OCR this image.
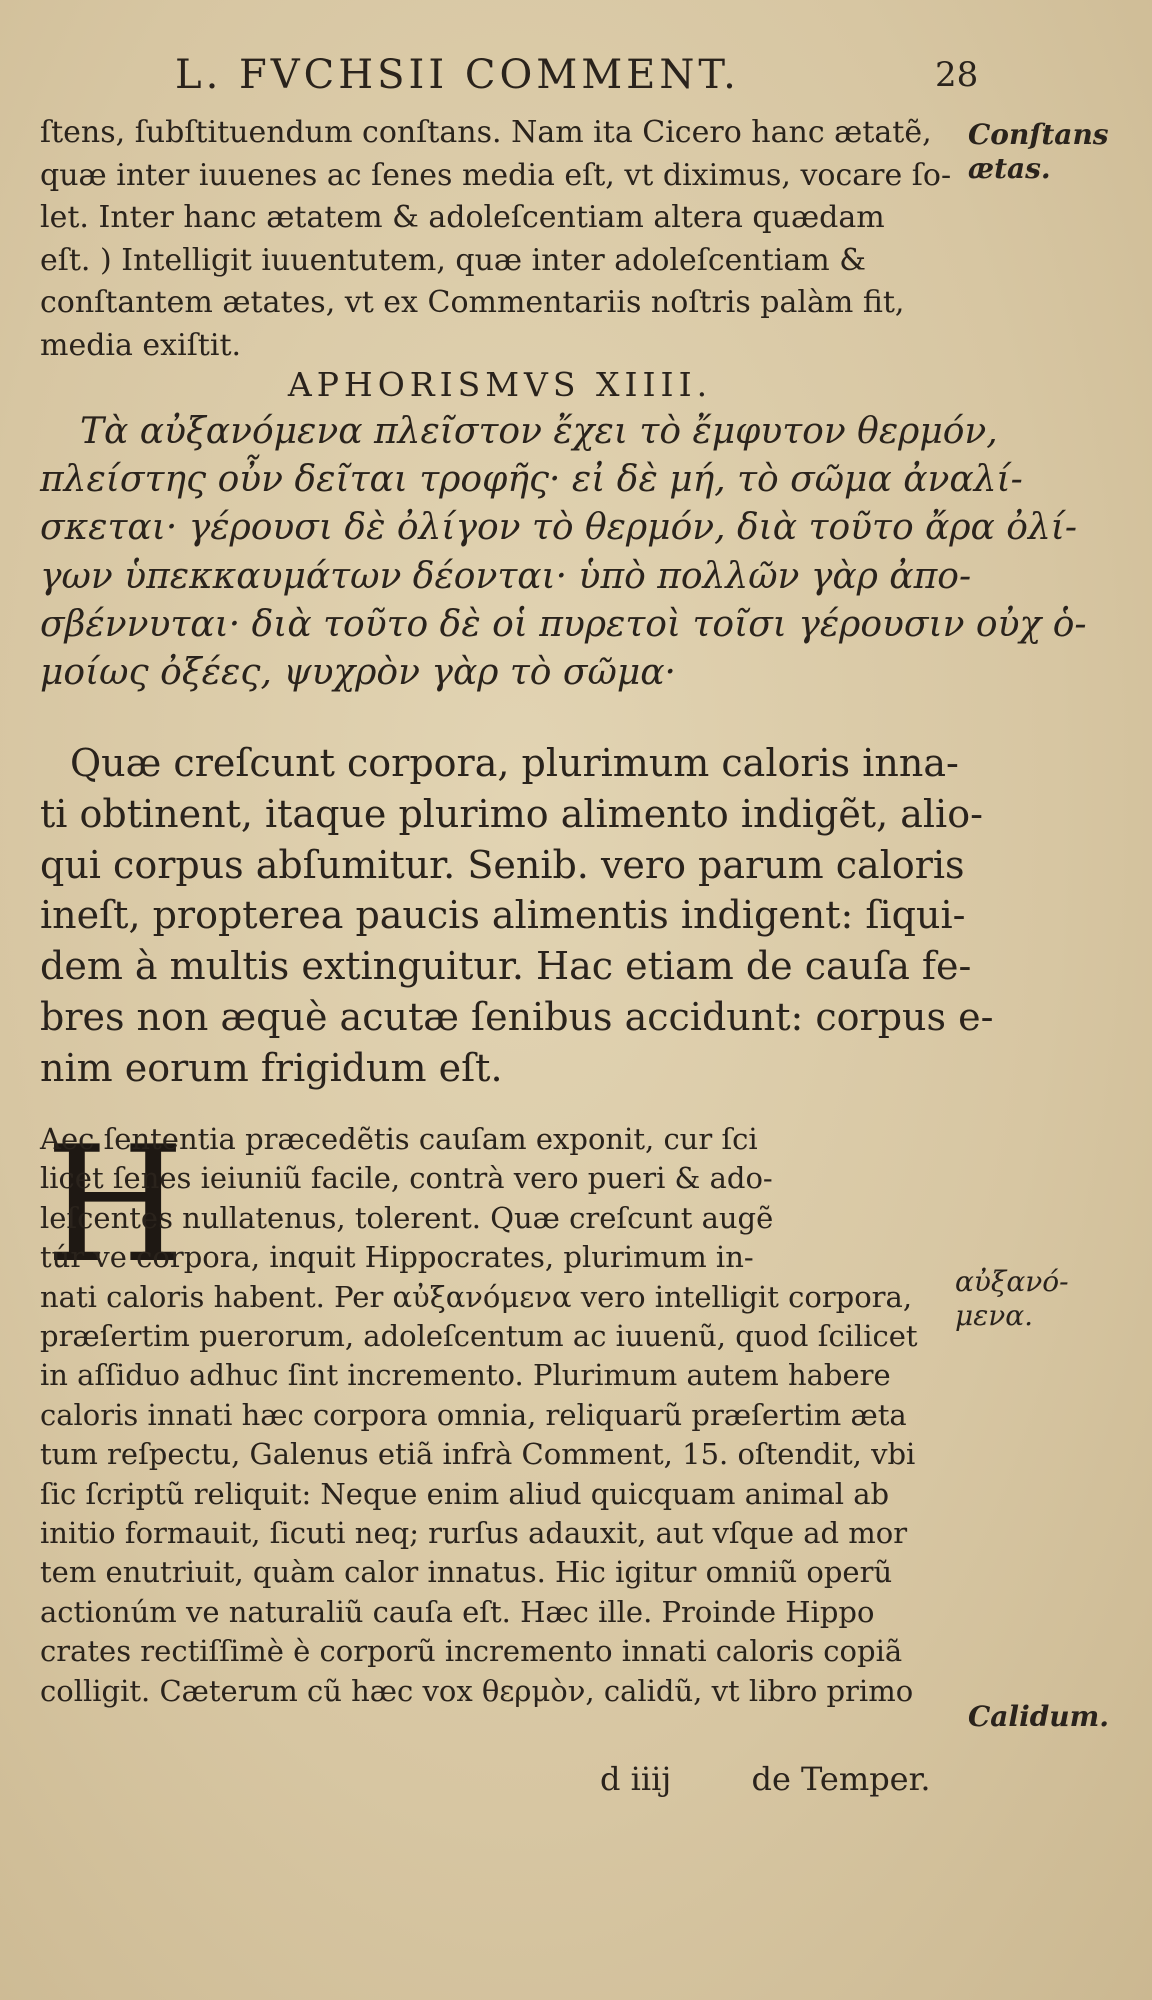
L. FVCHSII COMMENT.	28
ſtens, ſubſtituendum conſtans. Nam ita Cicero hanc ætatẽ,
quæ inter iuuenes ac ſenes media eſt, vt diximus, vocare ſo-
let. Inter hanc ætatem & adoleſcentiam altera quædam
eſt. ) Intelligit iuuentutem, quæ inter adoleſcentiam &
conſtantem ætates, vt ex Commentariis noſtris palàm fit,
media exiſtit.
APHORISMVS XIIII.
Τὰ αὐξανόμενα πλεῖστον ἔχει τὸ ἔμφυτον θερμόν,
πλείστης οὖν δεῖται τροφῆς· εἰ δὲ μή, τὸ σῶμα ἀναλί-
σκεται· γέρουσι δὲ ὀλίγον τὸ θερμόν, διὰ τοῦτο ἄρα ὀλί-
γων ὑπεκκαυμάτων δέονται· ὑπὸ πολλῶν γὰρ ἀπο-
σβέννυται· διὰ τοῦτο δὲ οἱ πυρετοὶ τοῖσι γέρουσιν οὐχ ὁ-
μοίως ὀξέες, ψυχρὸν γὰρ τὸ σῶμα·
Quæ creſcunt corpora, plurimum caloris inna-
ti obtinent, itaque plurimo alimento indigẽt, alio-
qui corpus abſumitur. Senib. vero parum caloris
ineſt, propterea paucis alimentis indigent: ſiqui-
dem à multis extinguitur. Hac etiam de cauſa fe-
bres non æquè acutæ ſenibus accidunt: corpus e-
nim eorum frigidum eſt.
H
Aec ſententia præcedẽtis cauſam exponit, cur ſci
licet ſenes ieiuniũ facile, contrà vero pueri & ado-
leſcentes nullatenus, tolerent. Quæ creſcunt augẽ
túr ve corpora, inquit Hippocrates, plurimum in-
nati caloris habent. Per αὐξανόμενα vero intelligit corpora,
præſertim puerorum, adoleſcentum ac iuuenũ, quod ſcilicet
in aſſiduo adhuc ſint incremento. Plurimum autem habere
caloris innati hæc corpora omnia, reliquarũ præſertim æta
tum reſpectu, Galenus etiã infrà Comment, 15. oſtendit, vbi
ſic ſcriptũ reliquit: Neque enim aliud quicquam animal ab
initio formauit, ſicuti neq; rurſus adauxit, aut vſque ad mor
tem enutriuit, quàm calor innatus. Hic igitur omniũ operũ
actionúm ve naturaliũ cauſa eſt. Hæc ille. Proinde Hippo
crates rectiſſimè è corporũ incremento innati caloris copiã
colligit. Cæterum cũ hæc vox θερμὸν, calidũ, vt libro primo
d iiij	de Temper.
Conſtans
ætas.
αὐξανό-
μενα.
Calidum.
